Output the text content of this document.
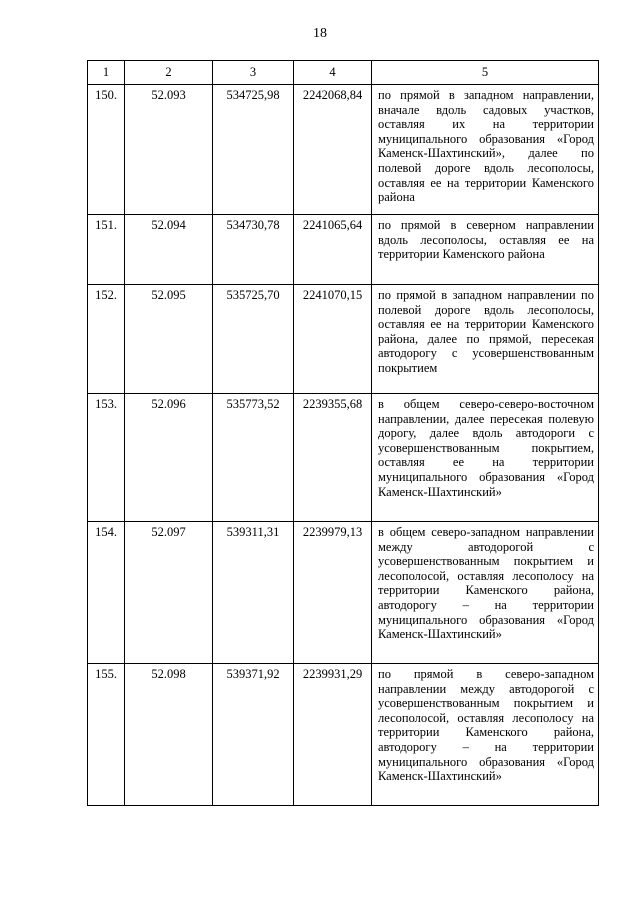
18
1	2	3	4	5
150.	52.093	534725,98	2242068,84	по прямой в западном направлении, вначале вдоль садовых участков, оставляя их на территории муниципального образования «Город Каменск-Шахтинский», далее по полевой дороге вдоль лесополосы, оставляя ее на территории Каменского района
151.	52.094	534730,78	2241065,64	по прямой в северном направлении вдоль лесополосы, оставляя ее на территории Каменского района
152.	52.095	535725,70	2241070,15	по прямой в западном направлении по полевой дороге вдоль лесополосы, оставляя ее на территории Каменского района, далее по прямой, пересекая автодорогу с усовершенствованным покрытием
153.	52.096	535773,52	2239355,68	в общем северо-северо-восточном направлении, далее пересекая полевую дорогу, далее вдоль автодороги с усовершенствованным покрытием, оставляя ее на территории муниципального образования «Город Каменск-Шахтинский»
154.	52.097	539311,31	2239979,13	в общем северо-западном направлении между автодорогой с усовершенствованным покрытием и лесополосой, оставляя лесополосу на территории Каменского района, автодорогу – на территории муниципального образования «Город Каменск-Шахтинский»
155.	52.098	539371,92	2239931,29	по прямой в северо-западном направлении между автодорогой с усовершенствованным покрытием и лесополосой, оставляя лесополосу на территории Каменского района, автодорогу – на территории муниципального образования «Город Каменск-Шахтинский»
